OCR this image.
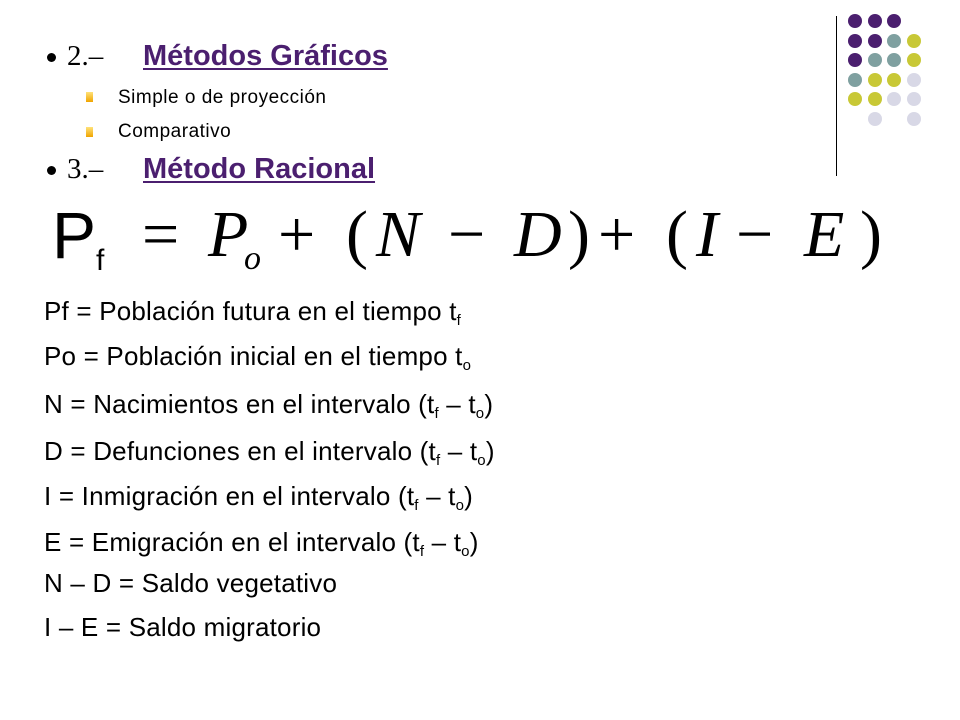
2.– Métodos Gráficos
Simple o de proyección
Comparativo
3.– Método Racional
P f = P
o + ( N − D ) + ( I − E )
Pf = Población futura en el tiempo $t_f$
Po = Población inicial en el tiempo $t_o$
N = Nacimientos en el intervalo $(t_f - t_o)$
D = Defunciones en el intervalo $(t_f - t_o)$
I = Inmigración en el intervalo $(t_f - t_o)$
E = Emigración en el intervalo $(t_f - t_o)$
N – D = Saldo vegetativo
I – E = Saldo migratorio
